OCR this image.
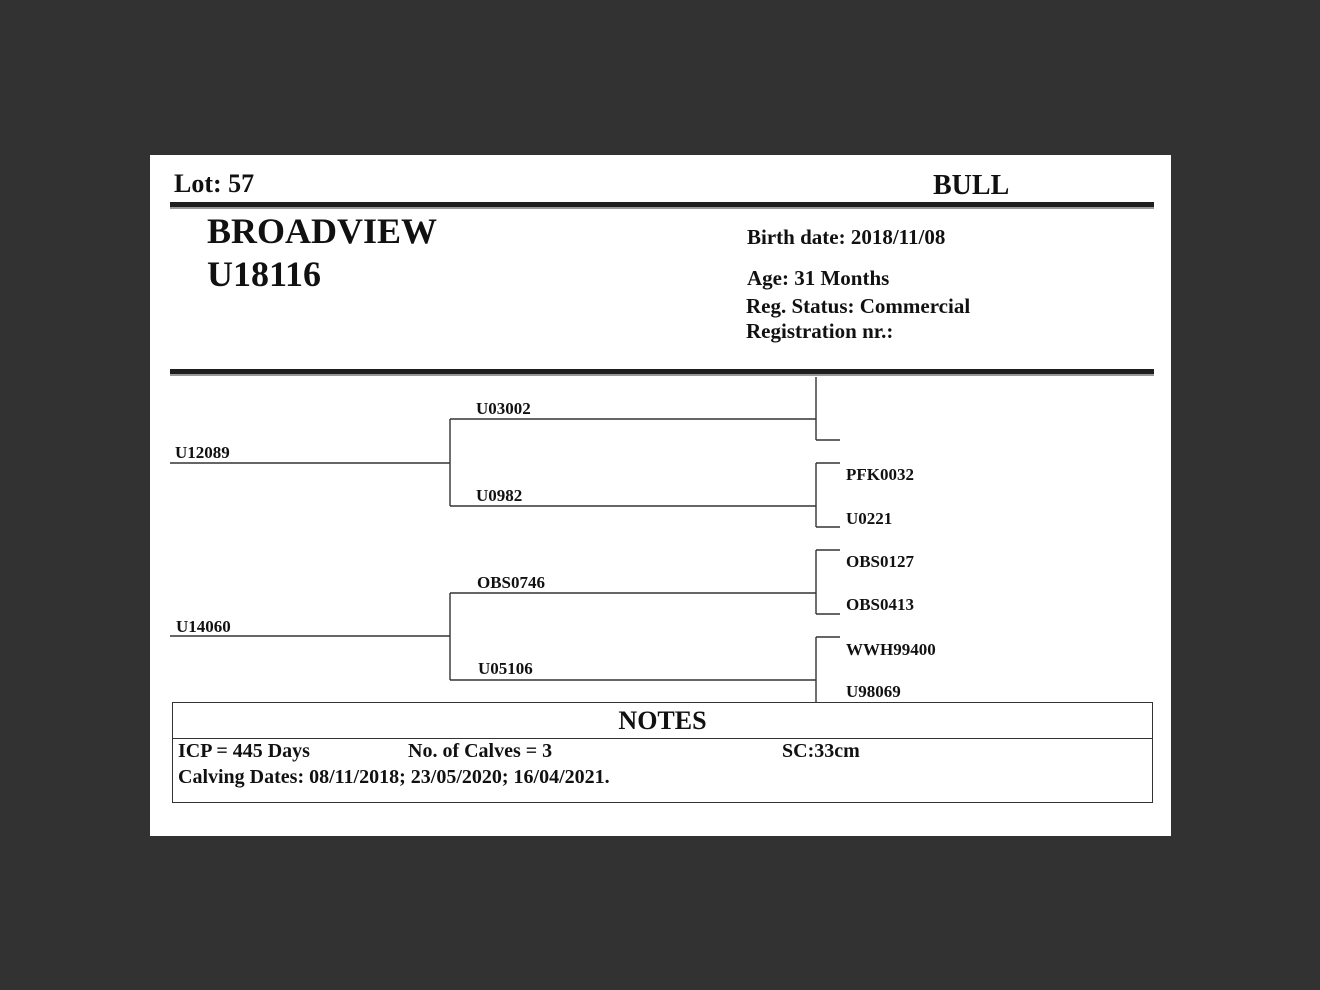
Lot: 57	BULL
BROADVIEW
U18116
Birth date: 2018/11/08
Age: 31 Months
Reg. Status: Commercial
Registration nr.:
U12089
U14060
U03002
U0982
OBS0746
U05106
PFK0032
U0221
OBS0127
OBS0413
WWH99400
U98069
NOTES
ICP = 445 Days	No. of Calves = 3	SC:33cm
Calving Dates: 08/11/2018; 23/05/2020; 16/04/2021.
